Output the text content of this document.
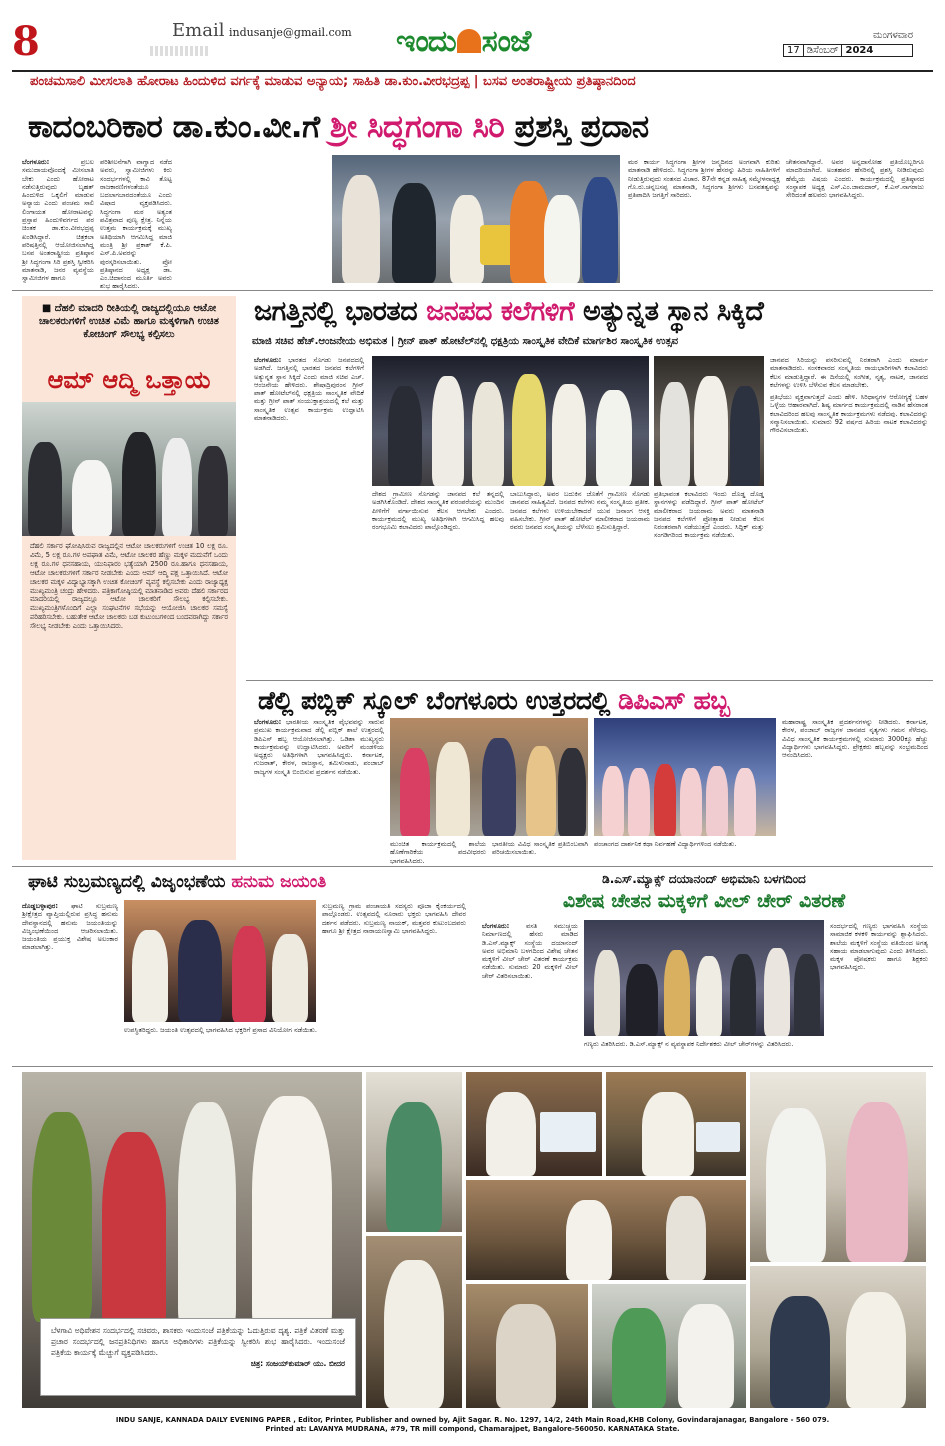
8	Email indusanje@gmail.com ಇಂದು ಸಂಜೆ	ಮಂಗಳವಾರ
17 ಡಿಸೆಂಬರ್ 2024
ಪಂಚಮಸಾಲಿ ಮೀಸಲಾತಿ ಹೋರಾಟ ಹಿಂದುಳಿದ ವರ್ಗಕ್ಕೆ ಮಾಡುವ ಅನ್ಯಾಯ; ಸಾಹಿತಿ ಡಾ.ಕುಂ.ವೀರಭದ್ರಪ್ಪ | ಬಸವ ಅಂತರಾಷ್ಟ್ರೀಯ ಪ್ರತಿಷ್ಠಾನದಿಂದ
ಕಾದಂಬರಿಕಾರ ಡಾ.ಕುಂ.ವೀ.ಗೆ ಶ್ರೀ ಸಿದ್ಧಗಂಗಾ ಸಿರಿ ಪ್ರಶಸ್ತಿ ಪ್ರದಾನ
ಬೆಂಗಳೂರು:	ಪ್ರಬಲ ಸಮುದಾಯವೊಂದಕ್ಕೆ ಮೀಸಲಾತಿ ಬೇಕು ಎಂದು ಹೋರಾಟ ನಡೆಸುತ್ತಿರುವುದು ಬೃಹತ್ ಹಿಂದುಳಿದ ಒಕ್ಕಲಿಗೆ ಮಾಡುವ ಅನ್ಯಾಯ ಎಂದು ಪಂಚಮ ಸಾಲಿ ಲಿಂಗಾಯತ ಹೋರಾಟವನ್ನು ಪ್ರಸ್ತಾಪ ಹಿಂದುಳಿವರ್ಗದ ಪರ ಚಿಂತಕ ಡಾ.ಕುಂ.ವೀರಭದ್ರಪ್ಪ ಖಂಡಿಸಿದ್ದಾರೆ. ಚಿತ್ರಕಲಾ ಪರಿಷತ್ತಿನಲ್ಲಿ ಆಯೋಜಿಸಲಾಗಿದ್ದ ಬಸವ ಅಂತರಾಷ್ಟ್ರೀಯ ಪ್ರತಿಷ್ಠಾನ ಶ್ರೀ ಸಿದ್ಧಗಂಗಾ ಸಿರಿ ಪ್ರಶಸ್ತಿ ಸ್ವೀಕರಿಸಿ ಮಾತನಾಡಿ, ಜನರ ವ್ಯವಸ್ಥೆಯ ಸ್ವಾಮೀಜಿಗಳ ಹಾಗೂ
ಪರಿಶೀಲನೆಗಾಗಿ ವಾಗ್ವಾದ ನಡೆದ ಅವರು, ಸ್ವಾಮೀಜಿಗಳು ಕಿರು ಸಂದರ್ಭಗಳಲ್ಲಿ ಕಾವಿ ತೊಟ್ಟ ರಾಜಕಾರಣಿಗಳಂತೆಯೂ ಬದಲಾಗಬಾರದಂತೆಯೂ ಎಂದು ವಿಷಾದ ವ್ಯಕ್ತಪಡಿಸಿದರು. ಸಿದ್ಧಗಂಗಾ ಮಠ ಅತ್ಯಂತ ಪವಿತ್ರವಾದ ಪುಣ್ಯ ಕ್ಷೇತ್ರ. ನಿನ್ನೆಯ ಉತ್ತಮ ಕಾರ್ಯಕ್ರಮಕ್ಕೆ ಮುಖ್ಯ ಅತಿಥಿಯಾಗಿ ಆಗಮಿಸಿದ್ದ ಮಾಜಿ ಮಂತ್ರಿ ಶ್ರೀ ಪ್ರಕಾಶ್ ಕೆ.ಪಿ. ಎಸ್.ಪಿ.ಅವರನ್ನು ಪುರಸ್ಕರಿಸಲಾಯಿತು. ಪ್ರೋ ಪ್ರತಿಷ್ಠಾನದ ಅಧ್ಯಕ್ಷ ಡಾ. ಎಂ.ಚಿದಾನಂದ ಮೂರ್ತಿ ಅವರು ಶುಭ ಹಾರೈಸಿದರು.
ಮಠ ಕಾರ್ಯ ಸಿದ್ಧಗಂಗಾ ಶ್ರೀಗಳ ಜನ್ಮದಿನದ ಅಂಗವಾಗಿ ಕುರಿತು ಮಾತನಾಡಿ ಹೇಳಿದರು. ಸಿದ್ಧಗಂಗಾ ಶ್ರೀಗಳ ಹೆಸರನ್ನು ಹಿರಿಯ ಸಾಹಿತಿಗಳಿಗೆ ನೀಡುತ್ತಿರುವುದು ಸಂತಸದ ವಿಚಾರ. 87ನೇ ಕನ್ನಡ ಸಾಹಿತ್ಯ ಸಮ್ಮೇಳನಾಧ್ಯಕ್ಷ ಗೊ.ರು.ಚನ್ನಬಸಪ್ಪ ಮಾತನಾಡಿ, ಸಿದ್ಧಗಂಗಾ ಶ್ರೀಗಳು ಬಸವತತ್ವವನ್ನು ಪ್ರತಿಪಾದಿಸಿ ಜಗತ್ತಿಗೆ ಸಾರಿದರು.
ಚೇತನವಾಗಿದ್ದಾರೆ. ಅವರ ಅನ್ನದಾಸೋಹ ಪ್ರತಿಯೊಬ್ಬರಿಗೂ ಮಾದರಿಯಾಗಿದೆ. ಅಂತಹವರ ಹೆಸರಿನಲ್ಲಿ ಪ್ರಶಸ್ತಿ ನೀಡಿರುವುದು ಹೆಮ್ಮೆಯ ವಿಷಯ ಎಂದರು. ಕಾರ್ಯಕ್ರಮದಲ್ಲಿ ಪ್ರತಿಷ್ಠಾನದ ಸಂಸ್ಥಾಪಕ ಅಧ್ಯಕ್ಷ ಎಸ್.ಎಂ.ಜಾಮದಾರ್, ಕೆ.ಎಸ್.ನಾಗರಾಜು ಸೇರಿದಂತೆ ಹಲವರು ಭಾಗವಹಿಸಿದ್ದರು.
■ ದೆಹಲಿ ಮಾದರಿ ರೀತಿಯಲ್ಲಿ ರಾಜ್ಯದಲ್ಲಿಯೂ ಆಟೋ ಚಾಲಕರುಗಳಿಗೆ ಉಚಿತ ವಿಮೆ ಹಾಗೂ ಮಕ್ಕಳಿಗಾಗಿ ಉಚಿತ ಕೋಚಿಂಗ್ ಸೌಲಭ್ಯ ಕಲ್ಪಿಸಲು
ಆಮ್ ಆದ್ಮಿ ಒತ್ತಾಯ
ದೆಹಲಿ ಸರ್ಕಾರ ಘೋಷಿಸಿರುವ ರಾಜ್ಯದಲ್ಲಿನ ಆಟೋ ಚಾಲಕರುಗಳಿಗೆ ಉಚಿತ 10 ಲಕ್ಷ ರೂ. ವಿಮೆ, 5 ಲಕ್ಷ ರೂ.ಗಳ ಅಪಘಾತ ವಿಮೆ, ಆಟೋ ಚಾಲಕರ ಹೆಣ್ಣು ಮಕ್ಕಳ ಮದುವೆಗೆ ಒಂದು ಲಕ್ಷ ರೂ.ಗಳ ಧನಸಹಾಯ, ಯುನಿಫಾರಂ ಭತ್ಯೆಯಾಗಿ 2500 ರೂ.ಹಾಗೂ ಧನಸಹಾಯ, ಆಟೋ ಚಾಲಕರುಗಳಿಗೆ ಸರ್ಕಾರ ನೀಡಬೇಕು ಎಂದು ಆಮ್ ಆದ್ಮಿ ಪಕ್ಷ ಒತ್ತಾಯಿಸಿದೆ. ಆಟೋ ಚಾಲಕರ ಮಕ್ಕಳ ವಿದ್ಯಾಭ್ಯಾಸಕ್ಕಾಗಿ ಉಚಿತ ಕೋಚಿಂಗ್ ವ್ಯವಸ್ಥೆ ಕಲ್ಪಿಸಬೇಕು ಎಂದು ರಾಜ್ಯಾಧ್ಯಕ್ಷ ಮುಖ್ಯಮಂತ್ರಿ ಚಂದ್ರು ಹೇಳಿದರು. ಪತ್ರಿಕಾಗೋಷ್ಠಿಯಲ್ಲಿ ಮಾತನಾಡಿದ ಅವರು ದೆಹಲಿ ಸರ್ಕಾರದ ಮಾದರಿಯಲ್ಲಿ ರಾಜ್ಯದಲ್ಲೂ ಆಟೋ ಚಾಲಕರಿಗೆ ಸೌಲಭ್ಯ ಕಲ್ಪಿಸಬೇಕು. ಮುಖ್ಯಮಂತ್ರಿಗಳೊಂದಿಗೆ ಎಲ್ಲಾ ಸಂಘಟನೆಗಳ ಸಭೆಯನ್ನು ಆಯೋಜಿಸಿ ಚಾಲಕರ ಸಮಸ್ಯೆ ಪರಿಹರಿಸಬೇಕು. ಬಹುತೇಕ ಆಟೋ ಚಾಲಕರು ಬಡ ಕುಟುಂಬಗಳಿಂದ ಬಂದವರಾಗಿದ್ದು ಸರ್ಕಾರ ಸೌಲಭ್ಯ ನೀಡಬೇಕು ಎಂದು ಒತ್ತಾಯಿಸಿದರು.
ಜಗತ್ತಿನಲ್ಲಿ ಭಾರತದ ಜನಪದ ಕಲೆಗಳಿಗೆ ಅತ್ಯುನ್ನತ ಸ್ಥಾನ ಸಿಕ್ಕಿದೆ
ಮಾಜಿ ಸಚಿವ ಹೆಚ್.ಆಂಜನೇಯ ಅಭಿಮತ | ಗ್ರೀನ್ ಪಾತ್ ಹೋಟೆಲ್‌ನಲ್ಲಿ ಧಕ್ಷತ್ರಿಯ ಸಾಂಸ್ಕೃತಿಕ ವೇದಿಕೆ ಮಾರ್ಗಶಿರ ಸಾಂಸ್ಕೃತಿಕ ಉತ್ಸವ
ಬೆಂಗಳೂರು: ಭಾರತದ ಸೊಗಡು ಜನಪದದಲ್ಲಿ ಅಡಗಿದೆ. ಜಗತ್ತಿನಲ್ಲಿ ಭಾರತದ ಜನಪದ ಕಲೆಗಳಿಗೆ ಅತ್ಯುನ್ನತ ಸ್ಥಾನ ಸಿಕ್ಕಿದೆ ಎಂದು ಮಾಜಿ ಸಚಿವ ಎಚ್. ಆಂಜನೇಯ ಹೇಳಿದರು. ಶೇಷಾದ್ರಿಪುರಂನ ಗ್ರೀನ್ ಪಾತ್ ಹೋಟೆಲ್‌ನಲ್ಲಿ ಧಕ್ಷತ್ರಿಯ ಸಾಂಸ್ಕೃತಿಕ ವೇದಿಕೆ ಮತ್ತು ಗ್ರೀನ್ ಪಾತ್ ಸಂಯುಕ್ತಾಶ್ರಯದಲ್ಲಿ ಕಲೆ ಮತ್ತು ಸಾಂಸ್ಕೃತಿಕ ಉತ್ಸವ ಕಾರ್ಯಕ್ರಮ ಉದ್ಘಾಟಿಸಿ ಮಾತನಾಡಿದರು.
ದೇಶದ ಗ್ರಾಮೀಣ ಸೊಗಡನ್ನು ಜಾನಪದ ಕಲೆ ತನ್ನದಲ್ಲಿ ಅಡಗಿಸಿಕೊಂಡಿದೆ. ದೇಶದ ಸಾಂಸ್ಕೃತಿಕ ಪರಂಪರೆಯನ್ನು ಮುಂದಿನ ಪೀಳಿಗೆಗೆ ವರ್ಗಾಯಿಸುವ ಕೆಲಸ ಆಗಬೇಕು ಎಂದರು. ಕಾರ್ಯಕ್ರಮದಲ್ಲಿ ಮುಖ್ಯ ಅತಿಥಿಗಳಾಗಿ ಆಗಮಿಸಿದ್ದ ಹಲವು ರಂಗಭೂಮಿ ಕಲಾವಿದರು ಪಾಲ್ಗೊಂಡಿದ್ದರು.
ಬಾಬುಸಿದ್ದಾರು, ಅವರ ಬದುಕಿನ ಜೊತೆಗೆ ಗ್ರಾಮೀಣ ಸೊಗಡು ಜಾನಪದ ಸಾಹಿತ್ಯವಿದೆ. ಜನಪದ ಕಲೆಗಳು ನಮ್ಮ ಸಂಸ್ಕೃತಿಯ ಪ್ರತೀಕ. ಜನಪದ ಕಲೆಗಳು ಉಳಿಯಬೇಕಾದರೆ ಯುವ ಜನಾಂಗ ಆಸಕ್ತಿ ವಹಿಸಬೇಕು. ಗ್ರೀನ್ ಪಾತ್ ಹೋಟೆಲ್ ಮಾಲೀಕರಾದ ಜಯರಾಮ ರವರು ಜನಪದ ಸಂಸ್ಕೃತಿಯನ್ನು ಬೆಳೆಸಲು ಶ್ರಮಿಸುತ್ತಿದ್ದಾರೆ.
ಪ್ರತಿಭಾವಂತ ಕಲಾವಿದರು ಇಂದು ದೊಡ್ಡ ದೊಡ್ಡ ಸ್ಥಾನಗಳನ್ನು ಪಡೆದಿದ್ದಾರೆ. ಗ್ರೀನ್ ಪಾತ್ ಹೋಟೆಲ್ ಮಾಲೀಕರಾದ ಜಯರಾಮ ಅವರು ಮಾತನಾಡಿ ಜನಪದ ಕಲೆಗಳಿಗೆ ಪ್ರೋತ್ಸಾಹ ನೀಡುವ ಕೆಲಸ ನಿರಂತರವಾಗಿ ನಡೆಯುತ್ತದೆ ಎಂದರು. ಸಿದ್ದಿಕ್ ಮತ್ತು ಸಂಗಡಿಗರಿಂದ ಕಾರ್ಯಕ್ರಮ ನಡೆಯಿತು.
ಜಾನಪದ ಸಿರಿಯನ್ನು ಪಸರಿಸುವಲ್ಲಿ ನಿರತರಾಗಿ ಎಂದು ಮಾರ್ಮ ಮಾತನಾಡಿದರು. ಸಂಸಕವಾರದ ಸಂಸ್ಕೃತಿಯ ರಾಯಭಾರಿಗಳಾಗಿ ಕಲಾವಿದರು ಕೆಲಸ ಮಾಡುತ್ತಿದ್ದಾರೆ. ಈ ದಿಸೆಯಲ್ಲಿ ಸಂಗೀತ, ನೃತ್ಯ, ನಾಟಕ, ಜಾನಪದ ಕಲೆಗಳನ್ನು ಉಳಿಸಿ ಬೆಳೆಸುವ ಕೆಲಸ ಮಾಡಬೇಕು.
ಪ್ರತಿಭೆಯು ವ್ಯಕ್ತವಾಗುತ್ತದೆ ಎಂದು ಹೇಳಿ. ಸಿರಿಧಾನ್ಯಗಳ ಆರೋಗ್ಯಕ್ಕೆ ಬಹಳ ಒಳ್ಳೆಯ ಆಹಾರವಾಗಿದೆ. ಶಿಷ್ಯ ಮಾರ್ಗದ ಕಾರ್ಯಕ್ರಮದಲ್ಲಿ ನಾಡಿನ ಹೆಸರಾಂತ ಕಲಾವಿದರಿಂದ ಹಲವು ಸಾಂಸ್ಕೃತಿಕ ಕಾರ್ಯಕ್ರಮಗಳು ನಡೆದವು. ಕಲಾವಿದರನ್ನು ಸನ್ಮಾನಿಸಲಾಯಿತು. ಸುಮಾರು 92 ವರ್ಷದ ಹಿರಿಯ ನಾಟಕ ಕಲಾವಿದರನ್ನು ಗೌರವಿಸಲಾಯಿತು.
ಡೆಲ್ಲಿ ಪಬ್ಲಿಕ್ ಸ್ಕೂಲ್ ಬೆಂಗಳೂರು ಉತ್ತರದಲ್ಲಿ ಡಿಪಿಎಸ್ ಹಬ್ಬ
ಬೆಂಗಳೂರು: ಭಾರತೀಯ ಸಾಂಸ್ಕೃತಿಕ ವೈಭವವನ್ನು ಸಾರುವ ಪ್ರಮುಖ ಕಾರ್ಯಕ್ರಮವಾದ ಡೆಲ್ಲಿ ಪಬ್ಲಿಕ್ ಶಾಲೆ ಉತ್ತರದಲ್ಲಿ ಡಿಪಿಎಸ್ ಹಬ್ಬ ಆಯೋಜಿಸಲಾಗಿತ್ತು. ಒಡಿಶಾ ಮುಖ್ಯಸ್ಥರು ಕಾರ್ಯಕ್ರಮವನ್ನು ಉದ್ಘಾಟಿಸಿದರು. ಅವರಿಗೆ ಮಂಡಳಿಯ ಅಧ್ಯಕ್ಷರು ಅತಿಥಿಗಳಾಗಿ ಭಾಗವಹಿಸಿದ್ದರು. ಕರ್ನಾಟಕ, ಗುಜರಾತ್, ಕೇರಳ, ರಾಜಸ್ಥಾನ, ತಮಿಳುನಾಡು, ಪಂಜಾಬ್ ರಾಜ್ಯಗಳ ಸಂಸ್ಕೃತಿ ಬಿಂಬಿಸುವ ಪ್ರದರ್ಶನ ನಡೆಯಿತು.
ಮುಂಚಿತ ಕಾರ್ಯಕ್ರಮದಲ್ಲಿ ಶಾಲೆಯ ಹೊಣೆಗಾರಿಕೆಯ ಪದವೀಧರರು ಭಾಗವಹಿಸಿದರು.
ಭಾರತೀಯ ವಿವಿಧ ಸಾಂಸ್ಕೃತಿಕ ಪ್ರತಿಬಿಂಬವಾಗಿ ಪರಿಚಯಿಸಲಾಯಿತು.
ಪಂಚಾಂಗದ ದಾರ್ಶನಿಕ ಕಥಾ ನಿರ್ವಹಣೆ ವಿದ್ಯಾರ್ಥಿಗಳಿಂದ ನಡೆಯಿತು.
ಮಹಾರಾಷ್ಟ್ರ ಸಾಂಸ್ಕೃತಿಕ ಪ್ರದರ್ಶನಗಳನ್ನು ನೀಡಿದರು. ಕರ್ನಾಟಕ, ಕೇರಳ, ಪಂಜಾಬ್ ರಾಜ್ಯಗಳ ಜಾನಪದ ನೃತ್ಯಗಳು ಗಮನ ಸೆಳೆದವು. ವಿವಿಧ ಸಾಂಸ್ಕೃತಿಕ ಕಾರ್ಯಕ್ರಮಗಳಲ್ಲಿ ಸುಮಾರು 3000ಕ್ಕೂ ಹೆಚ್ಚು ವಿದ್ಯಾರ್ಥಿಗಳು ಭಾಗವಹಿಸಿದ್ದರು. ಪ್ರೇಕ್ಷಕರು ಹಬ್ಬವನ್ನು ಸಂಭ್ರಮದಿಂದ ಆನಂದಿಸಿದರು.
ಘಾಟಿ ಸುಬ್ರಮಣ್ಯದಲ್ಲಿ ವಿಜೃಂಭಣೆಯ ಹನುಮ ಜಯಂತಿ
ದೊಡ್ಡಬಳ್ಳಾಪುರ: ಘಾಟಿ ಸುಬ್ರಮಣ್ಯ ಶ್ರೀಕ್ಷೇತ್ರದ ವ್ಯಾಪ್ತಿಯಲ್ಲಿರುವ ಪ್ರಸಿದ್ಧ ಹನುಮ ದೇವಸ್ಥಾನದಲ್ಲಿ ಹನುಮ ಜಯಂತಿಯನ್ನು ವಿಜೃಂಭಣೆಯಿಂದ ಆಚರಿಸಲಾಯಿತು. ಜಯಂತಿಯ ಪ್ರಯುಕ್ತ ವಿಶೇಷ ಅಲಂಕಾರ ಮಾಡಲಾಗಿತ್ತು.
ಸುಬ್ರಮಣ್ಯ ಗ್ರಾಮ ಪಂಚಾಯತಿ ಸದಸ್ಯರು ಪೂಜಾ ಕೈಂಕರ್ಯದಲ್ಲಿ ಪಾಲ್ಗೊಂಡರು. ಉತ್ಸವದಲ್ಲಿ ನೂರಾರು ಭಕ್ತರು ಭಾಗವಹಿಸಿ ದೇವರ ದರ್ಶನ ಪಡೆದರು. ಸುಬ್ರಮಣ್ಯ ನಾಯಕ್, ಮತ್ತವರ ಕುಟುಂಬದವರು ಹಾಗೂ ಶ್ರೀ ಕ್ಷೇತ್ರದ ನಾರಾಯಣಸ್ವಾಮಿ ಭಾಗವಹಿಸಿದ್ದರು.
ಉಪಸ್ಥಿತರಿದ್ದರು. ಜಯಂತಿ ಉತ್ಸವದಲ್ಲಿ ಭಾಗವಹಿಸಿದ ಭಕ್ತರಿಗೆ ಪ್ರಸಾದ ವಿನಿಯೋಗ ನಡೆಯಿತು.
ಡಿ.ಎಸ್.ಮ್ಯಾಕ್ಸ್ ದಯಾನಂದ್ ಅಭಿಮಾನಿ ಬಳಗದಿಂದ
ವಿಶೇಷ ಚೇತನ ಮಕ್ಕಳಿಗೆ ವೀಲ್ ಚೇರ್ ವಿತರಣೆ
ಬೆಂಗಳೂರು:	ವಸತಿ ಸಮುಚ್ಚಯ ನಿರ್ಮಾಣದಲ್ಲಿ ಹೆಸರು ಮಾಡಿದ ಡಿ.ಎಸ್.ಮ್ಯಾಕ್ಸ್ ಸಂಸ್ಥೆಯ ದಯಾನಂದ್ ಅವರ ಅಭಿಮಾನಿ ಬಳಗದಿಂದ ವಿಶೇಷ ಚೇತನ ಮಕ್ಕಳಿಗೆ ವೀಲ್ ಚೇರ್ ವಿತರಣೆ ಕಾರ್ಯಕ್ರಮ ನಡೆಯಿತು. ಸುಮಾರು 20 ಮಕ್ಕಳಿಗೆ ವೀಲ್ ಚೇರ್ ವಿತರಿಸಲಾಯಿತು.
ಗಣ್ಯರು ವಿತರಿಸಿದರು. ಡಿ.ಎಸ್.ಮ್ಯಾಕ್ಸ್ ನ ವ್ಯವಸ್ಥಾಪಕ ನಿರ್ದೇಶಕರು ವೀಲ್ ಚೇರ್‌ಗಳನ್ನು ವಿತರಿಸಿದರು.
ಸಂದರ್ಭದಲ್ಲಿ ಗಣ್ಯರು ಭಾಗವಹಿಸಿ ಸಂಸ್ಥೆಯ ಸಾಮಾಜಿಕ ಕಳಕಳಿ ಕಾರ್ಯವನ್ನು ಶ್ಲಾಘಿಸಿದರು. ಶಾಲೆಯ ಮಕ್ಕಳಿಗೆ ಸಂಸ್ಥೆಯ ವತಿಯಿಂದ ಅಗತ್ಯ ಸಹಾಯ ಮಾಡಲಾಗುವುದು ಎಂದು ತಿಳಿಸಿದರು. ಮಕ್ಕಳ ಪೋಷಕರು ಹಾಗೂ ಶಿಕ್ಷಕರು ಭಾಗವಹಿಸಿದ್ದರು.
ಬೆಳಗಾವಿ ಅಧಿವೇಶನ ಸಂದರ್ಭದಲ್ಲಿ ಸಚಿವರು, ಶಾಸಕರು ಇಂದುಸಂಜೆ ಪತ್ರಿಕೆಯನ್ನು ಓದುತ್ತಿರುವ ದೃಶ್ಯ. ಪತ್ರಿಕೆ ವಿತರಣೆ ಮತ್ತು ಪ್ರಚಾರ ಸಂದರ್ಭದಲ್ಲಿ ಜನಪ್ರತಿನಿಧಿಗಳು ಹಾಗೂ ಅಧಿಕಾರಿಗಳು ಪತ್ರಿಕೆಯನ್ನು ಸ್ವೀಕರಿಸಿ ಶುಭ ಹಾರೈಸಿದರು. ಇಂದುಸಂಜೆ ಪತ್ರಿಕೆಯ ಕಾರ್ಯಕ್ಕೆ ಮೆಚ್ಚುಗೆ ವ್ಯಕ್ತಪಡಿಸಿದರು.
ಚಿತ್ರ: ಸಂಜಯ್‌ಕುಮಾರ್ ಯು. ಬೀದರ
INDU SANJE, KANNADA DAILY EVENING PAPER , Editor, Printer, Publisher and owned by, Ajit Sagar. R. No. 1297, 14/2, 24th Main Road,KHB Colony, Govindarajanagar, Bangalore - 560 079.
Printed at: LAVANYA MUDRANA, #79, TR mill compond, Chamarajpet, Bangalore-560050. KARNATAKA State.
